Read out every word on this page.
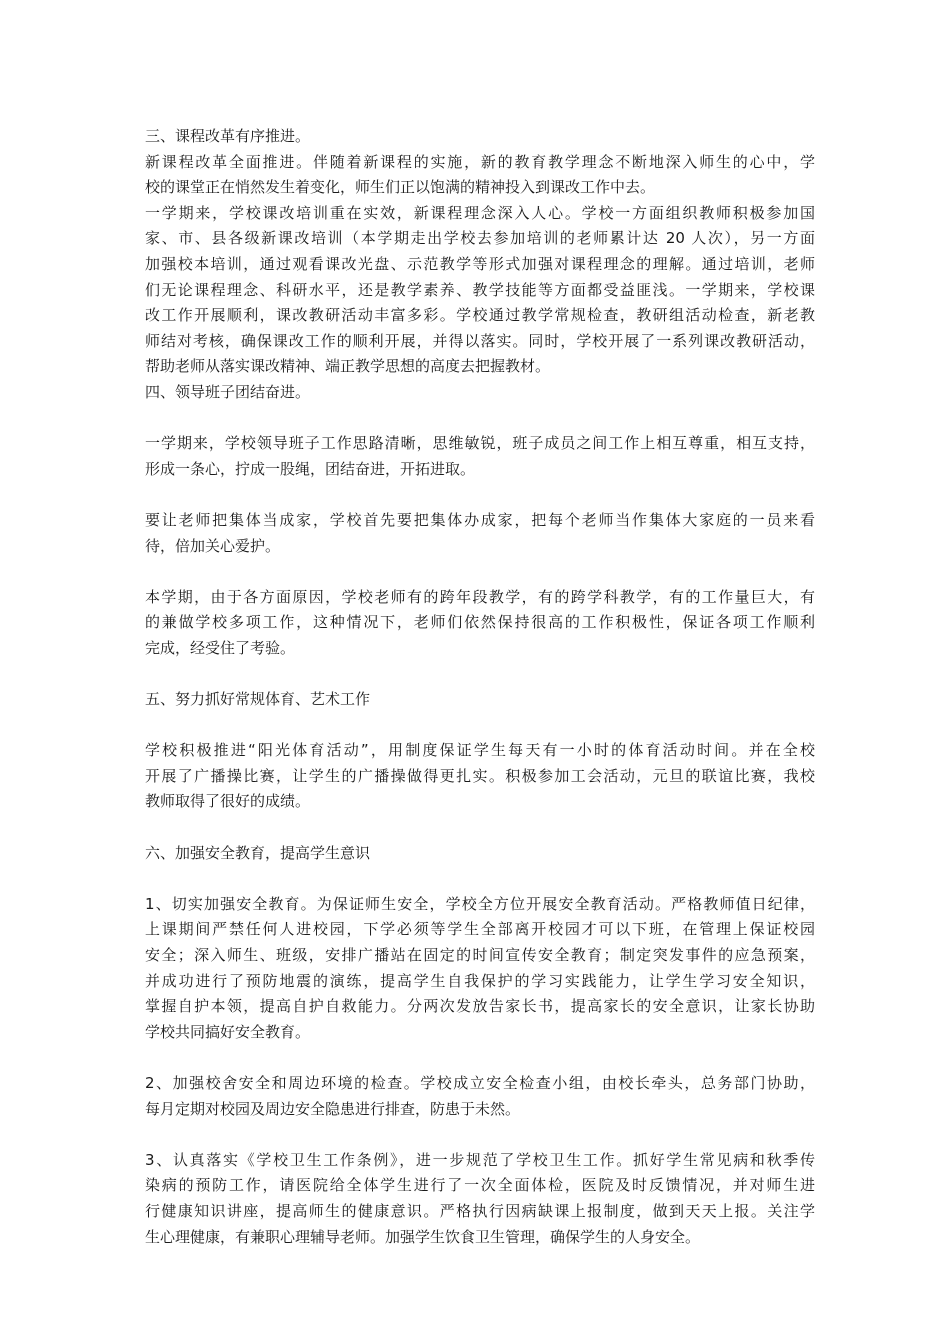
三、课程改革有序推进。
新课程改革全面推进。伴随着新课程的实施，新的教育教学理念不断地深入师生的心中，学
校的课堂正在悄然发生着变化，师生们正以饱满的精神投入到课改工作中去。
一学期来，学校课改培训重在实效，新课程理念深入人心。学校一方面组织教师积极参加国
家、市、县各级新课改培训（本学期走出学校去参加培训的老师累计达 20 人次），另一方面
加强校本培训，通过观看课改光盘、示范教学等形式加强对课程理念的理解。通过培训，老师
们无论课程理念、科研水平，还是教学素养、教学技能等方面都受益匪浅。一学期来，学校课
改工作开展顺利，课改教研活动丰富多彩。学校通过教学常规检查，教研组活动检查，新老教
师结对考核，确保课改工作的顺利开展，并得以落实。同时，学校开展了一系列课改教研活动，
帮助老师从落实课改精神、端正教学思想的高度去把握教材。
四、领导班子团结奋进。
一学期来，学校领导班子工作思路清晰，思维敏锐，班子成员之间工作上相互尊重，相互支持，
形成一条心，拧成一股绳，团结奋进，开拓进取。
要让老师把集体当成家，学校首先要把集体办成家，把每个老师当作集体大家庭的一员来看
待，倍加关心爱护。
本学期，由于各方面原因，学校老师有的跨年段教学，有的跨学科教学，有的工作量巨大，有
的兼做学校多项工作，这种情况下，老师们依然保持很高的工作积极性，保证各项工作顺利
完成，经受住了考验。
五、努力抓好常规体育、艺术工作
学校积极推进“阳光体育活动”，用制度保证学生每天有一小时的体育活动时间。并在全校
开展了广播操比赛，让学生的广播操做得更扎实。积极参加工会活动，元旦的联谊比赛，我校
教师取得了很好的成绩。
六、加强安全教育，提高学生意识
1、切实加强安全教育。为保证师生安全，学校全方位开展安全教育活动。严格教师值日纪律，
上课期间严禁任何人进校园，下学必须等学生全部离开校园才可以下班，在管理上保证校园
安全；深入师生、班级，安排广播站在固定的时间宣传安全教育；制定突发事件的应急预案，
并成功进行了预防地震的演练，提高学生自我保护的学习实践能力，让学生学习安全知识，
掌握自护本领，提高自护自救能力。分两次发放告家长书，提高家长的安全意识，让家长协助
学校共同搞好安全教育。
2、加强校舍安全和周边环境的检查。学校成立安全检查小组，由校长牵头，总务部门协助，
每月定期对校园及周边安全隐患进行排查，防患于未然。
3、认真落实《学校卫生工作条例》，进一步规范了学校卫生工作。抓好学生常见病和秋季传
染病的预防工作，请医院给全体学生进行了一次全面体检，医院及时反馈情况，并对师生进
行健康知识讲座，提高师生的健康意识。严格执行因病缺课上报制度，做到天天上报。关注学
生心理健康，有兼职心理辅导老师。加强学生饮食卫生管理，确保学生的人身安全。
